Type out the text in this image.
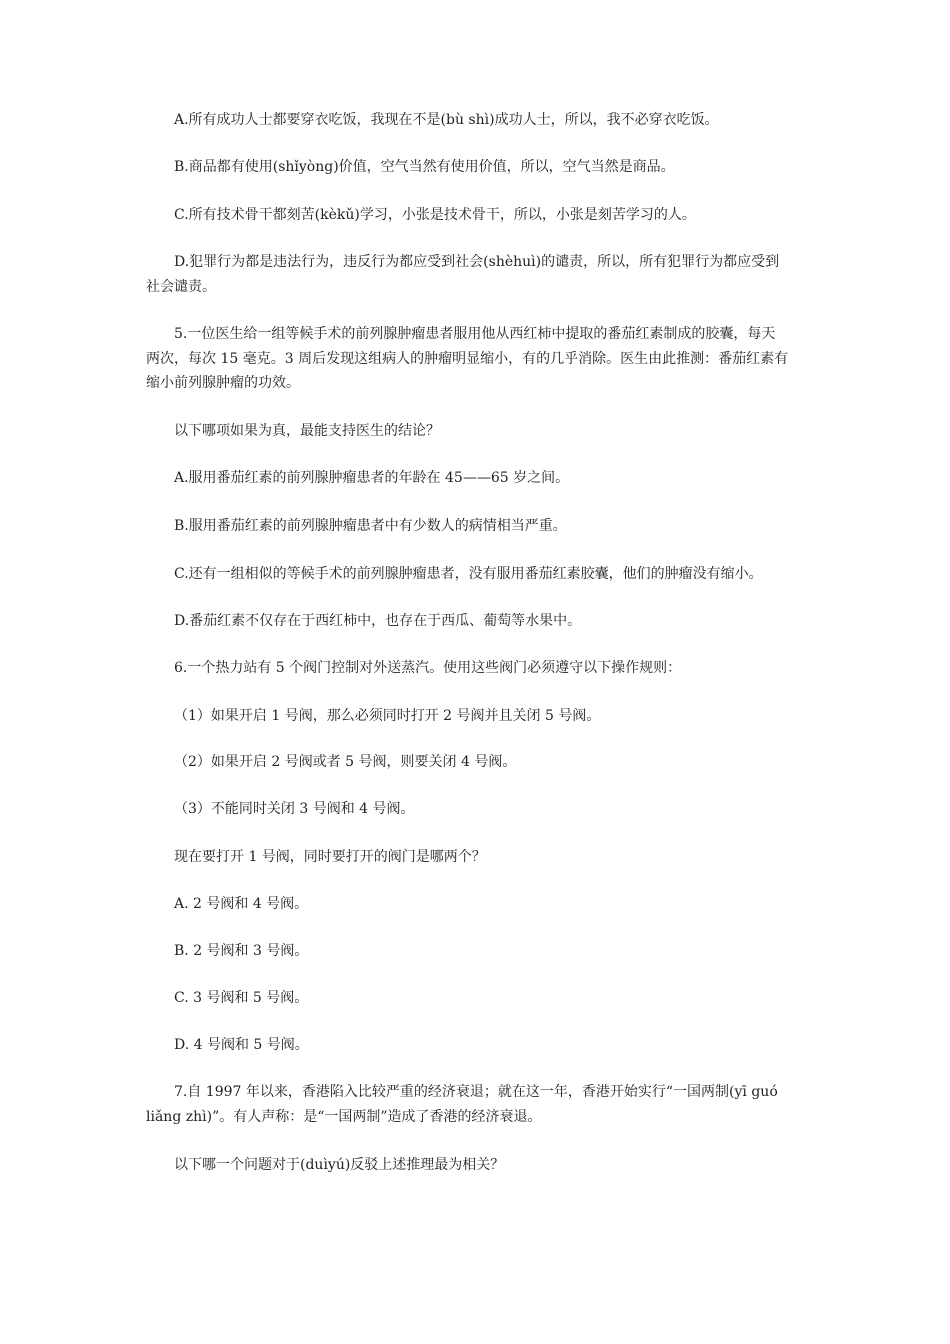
A.所有成功人士都要穿衣吃饭，我现在不是(bù shì)成功人士，所以，我不必穿衣吃饭。
B.商品都有使用(shǐyòng)价值，空气当然有使用价值，所以，空气当然是商品。
C.所有技术骨干都刻苦(kèkǔ)学习，小张是技术骨干，所以，小张是刻苦学习的人。
D.犯罪行为都是违法行为，违反行为都应受到社会(shèhuì)的谴责，所以，所有犯罪行为都应受到
社会谴责。
5.一位医生给一组等候手术的前列腺肿瘤患者服用他从西红柿中提取的番茄红素制成的胶囊，每天
两次，每次 15 毫克。3 周后发现这组病人的肿瘤明显缩小，有的几乎消除。医生由此推测：番茄红素有
缩小前列腺肿瘤的功效。
以下哪项如果为真，最能支持医生的结论？
A.服用番茄红素的前列腺肿瘤患者的年龄在 45——65 岁之间。
B.服用番茄红素的前列腺肿瘤患者中有少数人的病情相当严重。
C.还有一组相似的等候手术的前列腺肿瘤患者，没有服用番茄红素胶囊，他们的肿瘤没有缩小。
D.番茄红素不仅存在于西红柿中，也存在于西瓜、葡萄等水果中。
6.一个热力站有 5 个阀门控制对外送蒸汽。使用这些阀门必须遵守以下操作规则：
（1）如果开启 1 号阀，那么必须同时打开 2 号阀并且关闭 5 号阀。
（2）如果开启 2 号阀或者 5 号阀，则要关闭 4 号阀。
（3）不能同时关闭 3 号阀和 4 号阀。
现在要打开 1 号阀，同时要打开的阀门是哪两个？
A. 2 号阀和 4 号阀。
B. 2 号阀和 3 号阀。
C. 3 号阀和 5 号阀。
D. 4 号阀和 5 号阀。
7.自 1997 年以来，香港陷入比较严重的经济衰退；就在这一年，香港开始实行“一国两制(yī guó
liǎng zhì)”。有人声称：是“一国两制”造成了香港的经济衰退。
以下哪一个问题对于(duìyú)反驳上述推理最为相关？
